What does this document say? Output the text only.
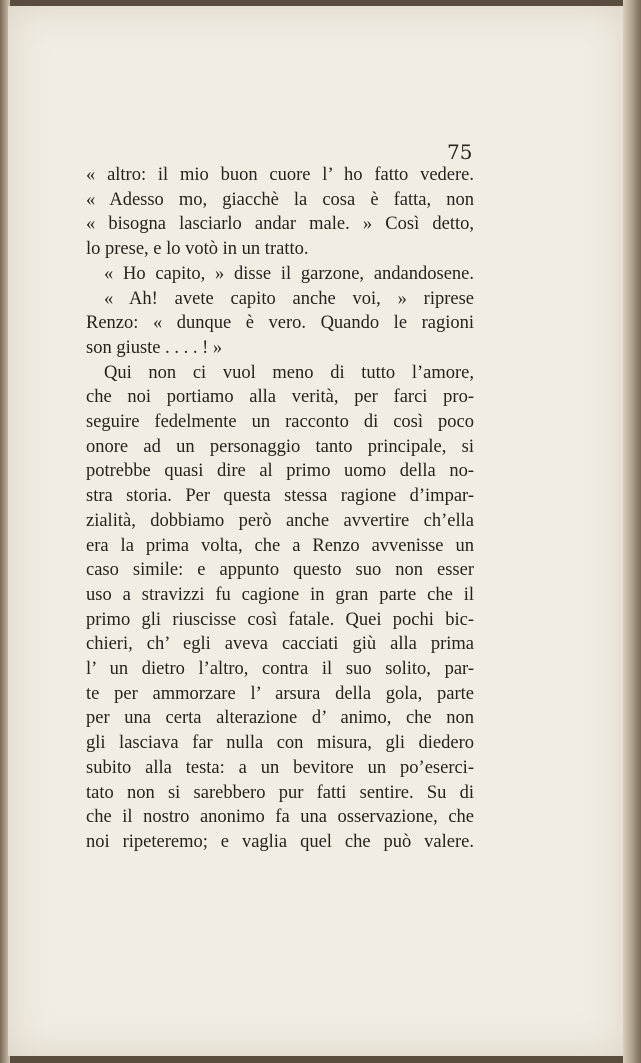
75
« altro: il mio buon cuore l’ ho fatto vedere.
« Adesso mo, giacchè la cosa è fatta, non
« bisogna lasciarlo andar male. » Così detto,
lo prese, e lo votò in un tratto.
« Ho capito, » disse il garzone, andandosene.
« Ah! avete capito anche voi, » riprese
Renzo: « dunque è vero. Quando le ragioni
son giuste . . . . ! »
Qui non ci vuol meno di tutto l’amore,
che noi portiamo alla verità, per farci pro-
seguire fedelmente un racconto di così poco
onore ad un personaggio tanto principale, si
potrebbe quasi dire al primo uomo della no-
stra storia. Per questa stessa ragione d’impar-
zialità, dobbiamo però anche avvertire ch’ella
era la prima volta, che a Renzo avvenisse un
caso simile: e appunto questo suo non esser
uso a stravizzi fu cagione in gran parte che il
primo gli riuscisse così fatale. Quei pochi bic-
chieri, ch’ egli aveva cacciati giù alla prima
l’ un dietro l’altro, contra il suo solito, par-
te per ammorzare l’ arsura della gola, parte
per una certa alterazione d’ animo, che non
gli lasciava far nulla con misura, gli diedero
subito alla testa: a un bevitore un po’eserci-
tato non si sarebbero pur fatti sentire. Su di
che il nostro anonimo fa una osservazione, che
noi ripeteremo; e vaglia quel che può valere.
